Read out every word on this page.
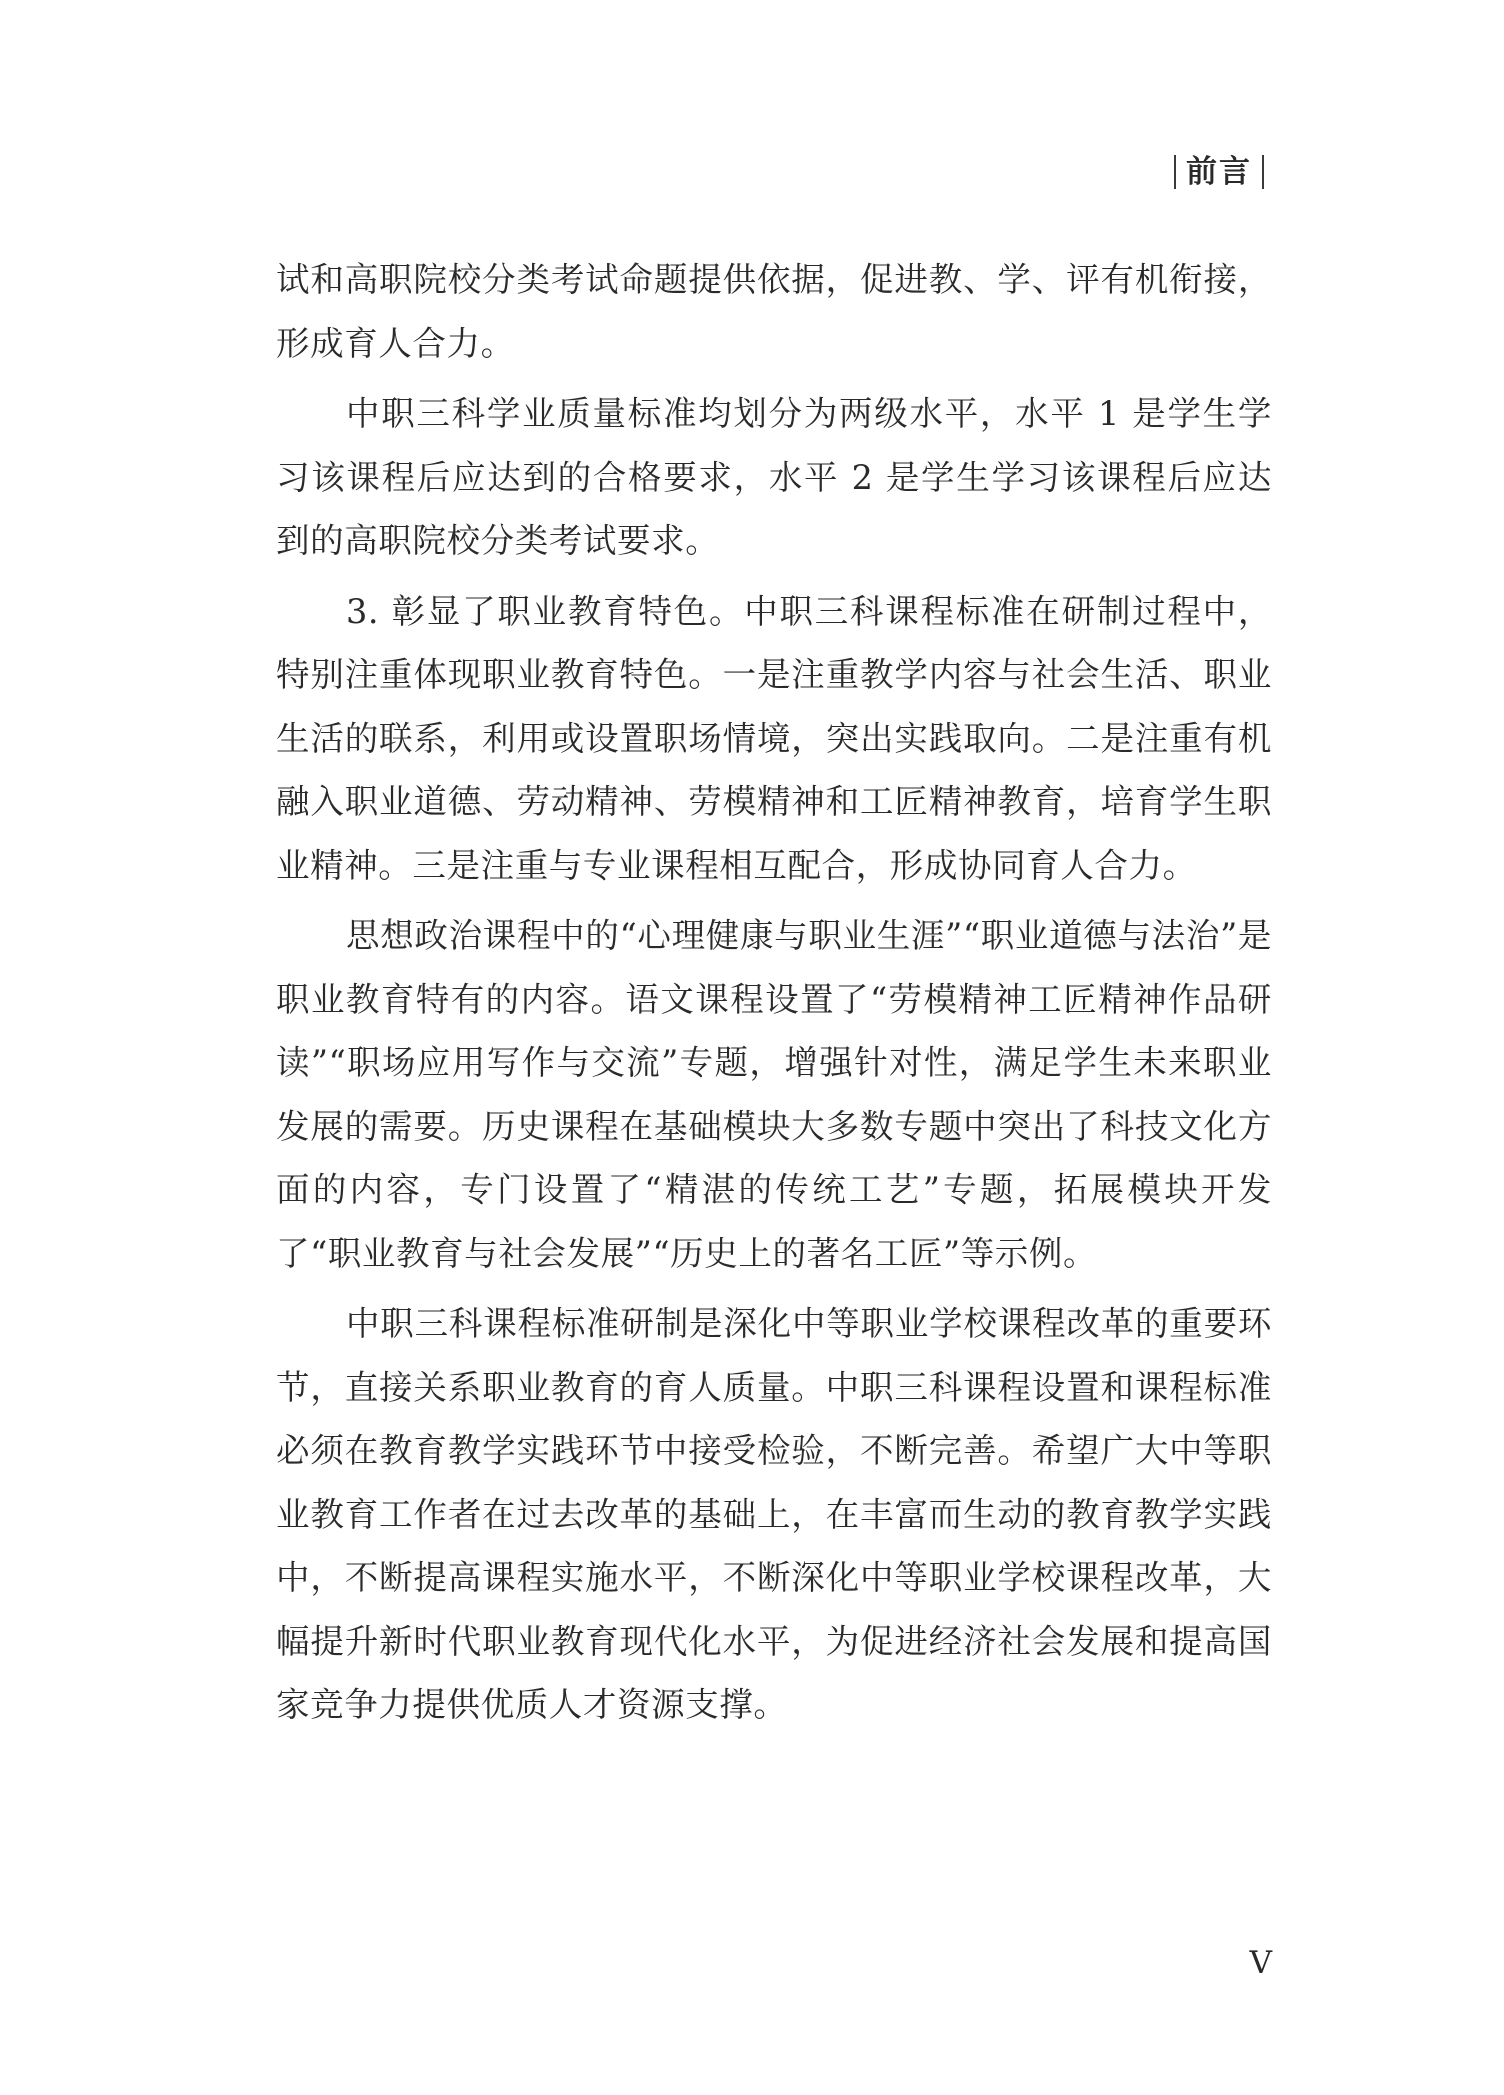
前言

试和高职院校分类考试命题提供依据，促进教、学、评有机衔接，形成育人合力。

中职三科学业质量标准均划分为两级水平，水平 1 是学生学习该课程后应达到的合格要求，水平 2 是学生学习该课程后应达到的高职院校分类考试要求。

3. 彰显了职业教育特色。中职三科课程标准在研制过程中，特别注重体现职业教育特色。一是注重教学内容与社会生活、职业生活的联系，利用或设置职场情境，突出实践取向。二是注重有机融入职业道德、劳动精神、劳模精神和工匠精神教育，培育学生职业精神。三是注重与专业课程相互配合，形成协同育人合力。

思想政治课程中的“心理健康与职业生涯”“职业道德与法治”是职业教育特有的内容。语文课程设置了“劳模精神工匠精神作品研读”“职场应用写作与交流”专题，增强针对性，满足学生未来职业发展的需要。历史课程在基础模块大多数专题中突出了科技文化方面的内容，专门设置了“精湛的传统工艺”专题，拓展模块开发了“职业教育与社会发展”“历史上的著名工匠”等示例。

中职三科课程标准研制是深化中等职业学校课程改革的重要环节，直接关系职业教育的育人质量。中职三科课程设置和课程标准必须在教育教学实践环节中接受检验，不断完善。希望广大中等职业教育工作者在过去改革的基础上，在丰富而生动的教育教学实践中，不断提高课程实施水平，不断深化中等职业学校课程改革，大幅提升新时代职业教育现代化水平，为促进经济社会发展和提高国家竞争力提供优质人才资源支撑。

V
